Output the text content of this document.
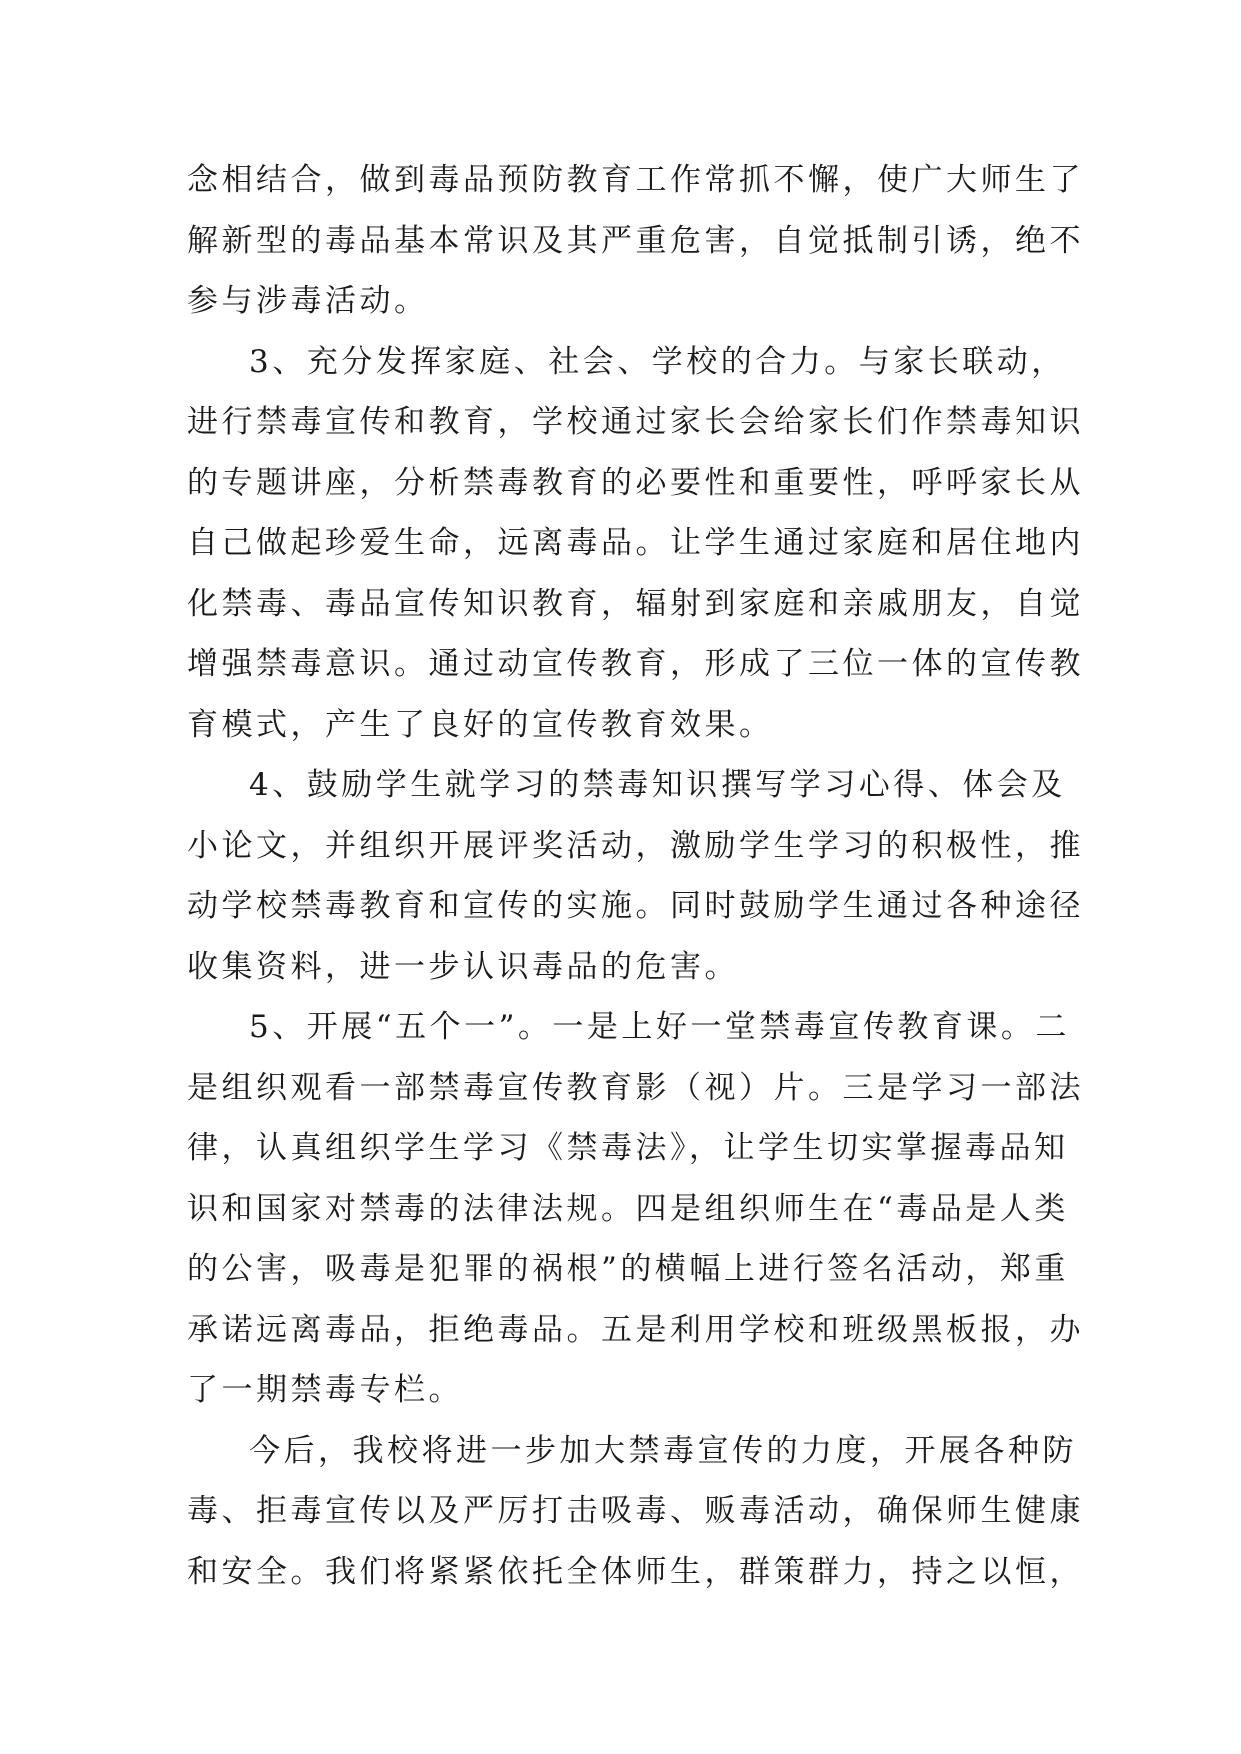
念相结合，做到毒品预防教育工作常抓不懈，使广大师生了
解新型的毒品基本常识及其严重危害，自觉抵制引诱，绝不
参与涉毒活动。
3、充分发挥家庭、社会、学校的合力。与家长联动，
进行禁毒宣传和教育，学校通过家长会给家长们作禁毒知识
的专题讲座，分析禁毒教育的必要性和重要性，呼呼家长从
自己做起珍爱生命，远离毒品。让学生通过家庭和居住地内
化禁毒、毒品宣传知识教育，辐射到家庭和亲戚朋友，自觉
增强禁毒意识。通过动宣传教育，形成了三位一体的宣传教
育模式，产生了良好的宣传教育效果。
4、鼓励学生就学习的禁毒知识撰写学习心得、体会及
小论文，并组织开展评奖活动，激励学生学习的积极性，推
动学校禁毒教育和宣传的实施。同时鼓励学生通过各种途径
收集资料，进一步认识毒品的危害。
5、开展“五个一”。一是上好一堂禁毒宣传教育课。二
是组织观看一部禁毒宣传教育影（视）片。三是学习一部法
律，认真组织学生学习《禁毒法》，让学生切实掌握毒品知
识和国家对禁毒的法律法规。四是组织师生在“毒品是人类
的公害，吸毒是犯罪的祸根”的横幅上进行签名活动，郑重
承诺远离毒品，拒绝毒品。五是利用学校和班级黑板报，办
了一期禁毒专栏。
今后，我校将进一步加大禁毒宣传的力度，开展各种防
毒、拒毒宣传以及严厉打击吸毒、贩毒活动，确保师生健康
和安全。我们将紧紧依托全体师生，群策群力，持之以恒，
